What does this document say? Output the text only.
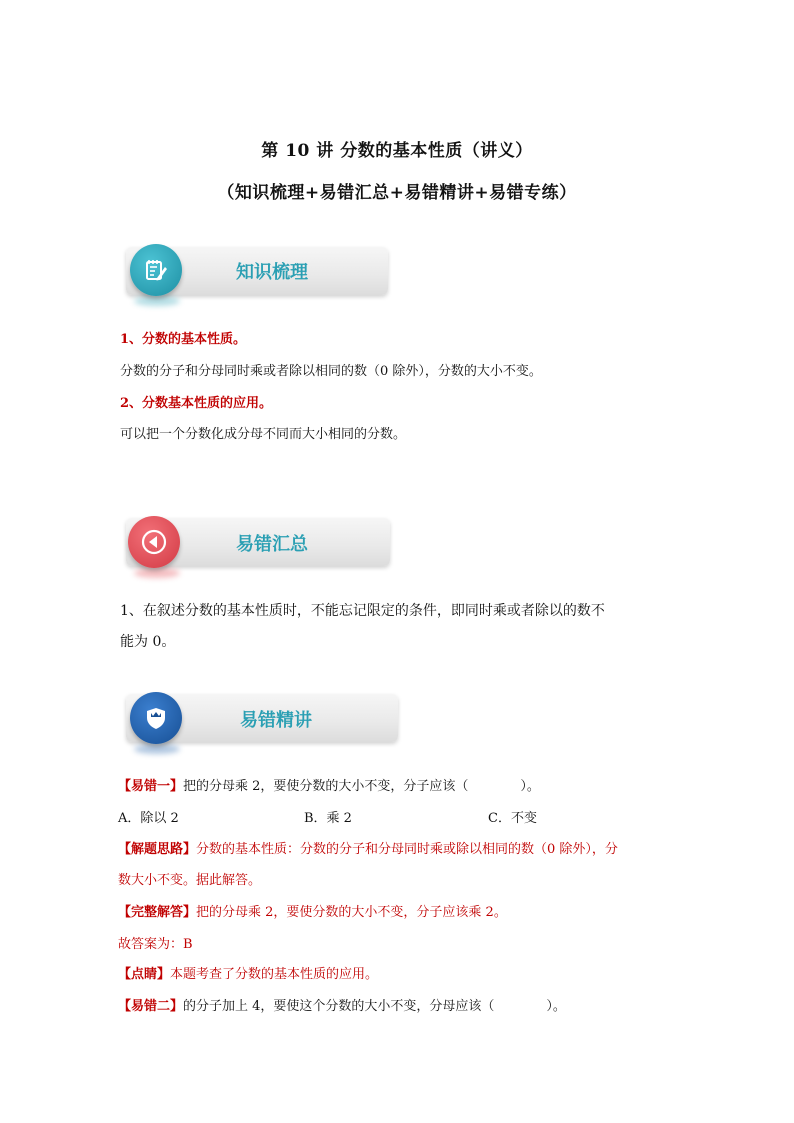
第 10 讲 分数的基本性质（讲义）
（知识梳理+易错汇总+易错精讲+易错专练）
知识梳理
1、分数的基本性质。
分数的分子和分母同时乘或者除以相同的数（0 除外），分数的大小不变。
2、分数基本性质的应用。
可以把一个分数化成分母不同而大小相同的分数。
易错汇总
1、在叙述分数的基本性质时，不能忘记限定的条件，即同时乘或者除以的数不
能为 0。
易错精讲
【易错一】把的分母乘 2，要使分数的大小不变，分子应该（　　　　）。
A．除以 2	B．乘 2	C．不变
【解题思路】分数的基本性质：分数的分子和分母同时乘或除以相同的数（0 除外），分
数大小不变。据此解答。
【完整解答】把的分母乘 2，要使分数的大小不变，分子应该乘 2。
故答案为：B
【点睛】本题考查了分数的基本性质的应用。
【易错二】的分子加上 4，要使这个分数的大小不变，分母应该（　　　　）。
